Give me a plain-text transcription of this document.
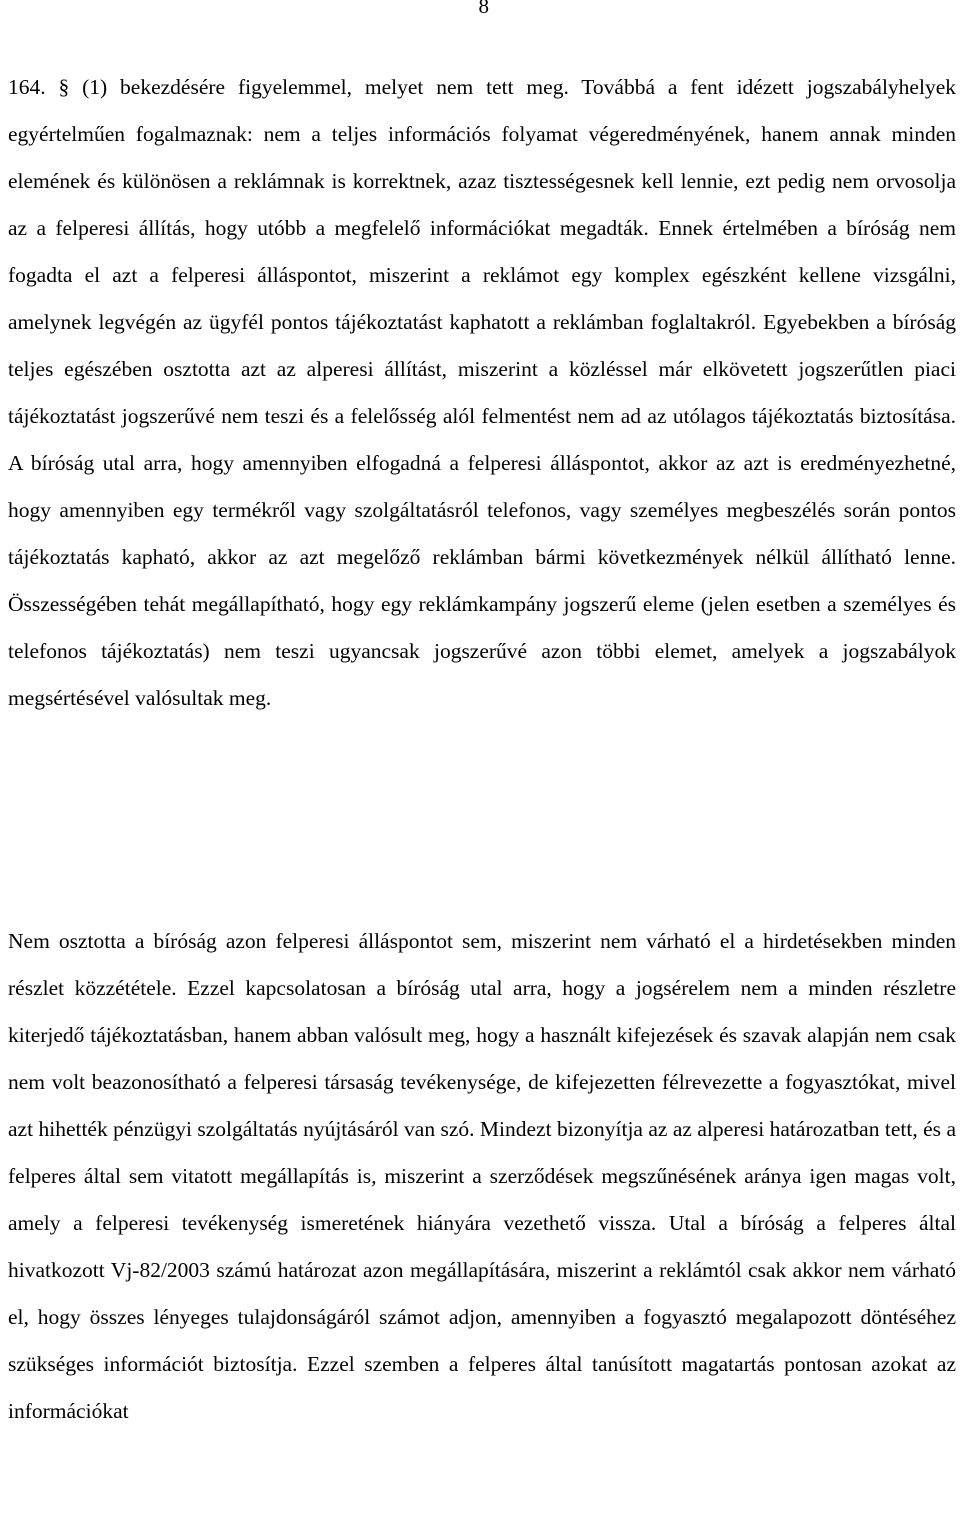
8

164. § (1) bekezdésére figyelemmel, melyet nem tett meg. Továbbá a fent idézett jogszabályhelyek egyértelműen fogalmaznak: nem a teljes információs folyamat végeredményének, hanem annak minden elemének és különösen a reklámnak is korrektnek, azaz tisztességesnek kell lennie, ezt pedig nem orvosolja az a felperesi állítás, hogy utóbb a megfelelő információkat megadták. Ennek értelmében a bíróság nem fogadta el azt a felperesi álláspontot, miszerint a reklámot egy komplex egészként kellene vizsgálni, amelynek legvégén az ügyfél pontos tájékoztatást kaphatott a reklámban foglaltakról. Egyebekben a bíróság teljes egészében osztotta azt az alperesi állítást, miszerint a közléssel már elkövetett jogszerűtlen piaci tájékoztatást jogszerűvé nem teszi és a felelősség alól felmentést nem ad az utólagos tájékoztatás biztosítása. A bíróság utal arra, hogy amennyiben elfogadná a felperesi álláspontot, akkor az azt is eredményezhetné, hogy amennyiben egy termékről vagy szolgáltatásról telefonos, vagy személyes megbeszélés során pontos tájékoztatás kapható, akkor az azt megelőző reklámban bármi következmények nélkül állítható lenne. Összességében tehát megállapítható, hogy egy reklámkampány jogszerű eleme (jelen esetben a személyes és telefonos tájékoztatás) nem teszi ugyancsak jogszerűvé azon többi elemet, amelyek a jogszabályok megsértésével valósultak meg.

Nem osztotta a bíróság azon felperesi álláspontot sem, miszerint nem várható el a hirdetésekben minden részlet közzététele. Ezzel kapcsolatosan a bíróság utal arra, hogy a jogsérelem nem a minden részletre kiterjedő tájékoztatásban, hanem abban valósult meg, hogy a használt kifejezések és szavak alapján nem csak nem volt beazonosítható a felperesi társaság tevékenysége, de kifejezetten félrevezette a fogyasztókat, mivel azt hihették pénzügyi szolgáltatás nyújtásáról van szó. Mindezt bizonyítja az az alperesi határozatban tett, és a felperes által sem vitatott megállapítás is, miszerint a szerződések megszűnésének aránya igen magas volt, amely a felperesi tevékenység ismeretének hiányára vezethető vissza. Utal a bíróság a felperes által hivatkozott Vj-82/2003 számú határozat azon megállapítására, miszerint a reklámtól csak akkor nem várható el, hogy összes lényeges tulajdonságáról számot adjon, amennyiben a fogyasztó megalapozott döntéséhez szükséges információt biztosítja. Ezzel szemben a felperes által tanúsított magatartás pontosan azokat az információkat
